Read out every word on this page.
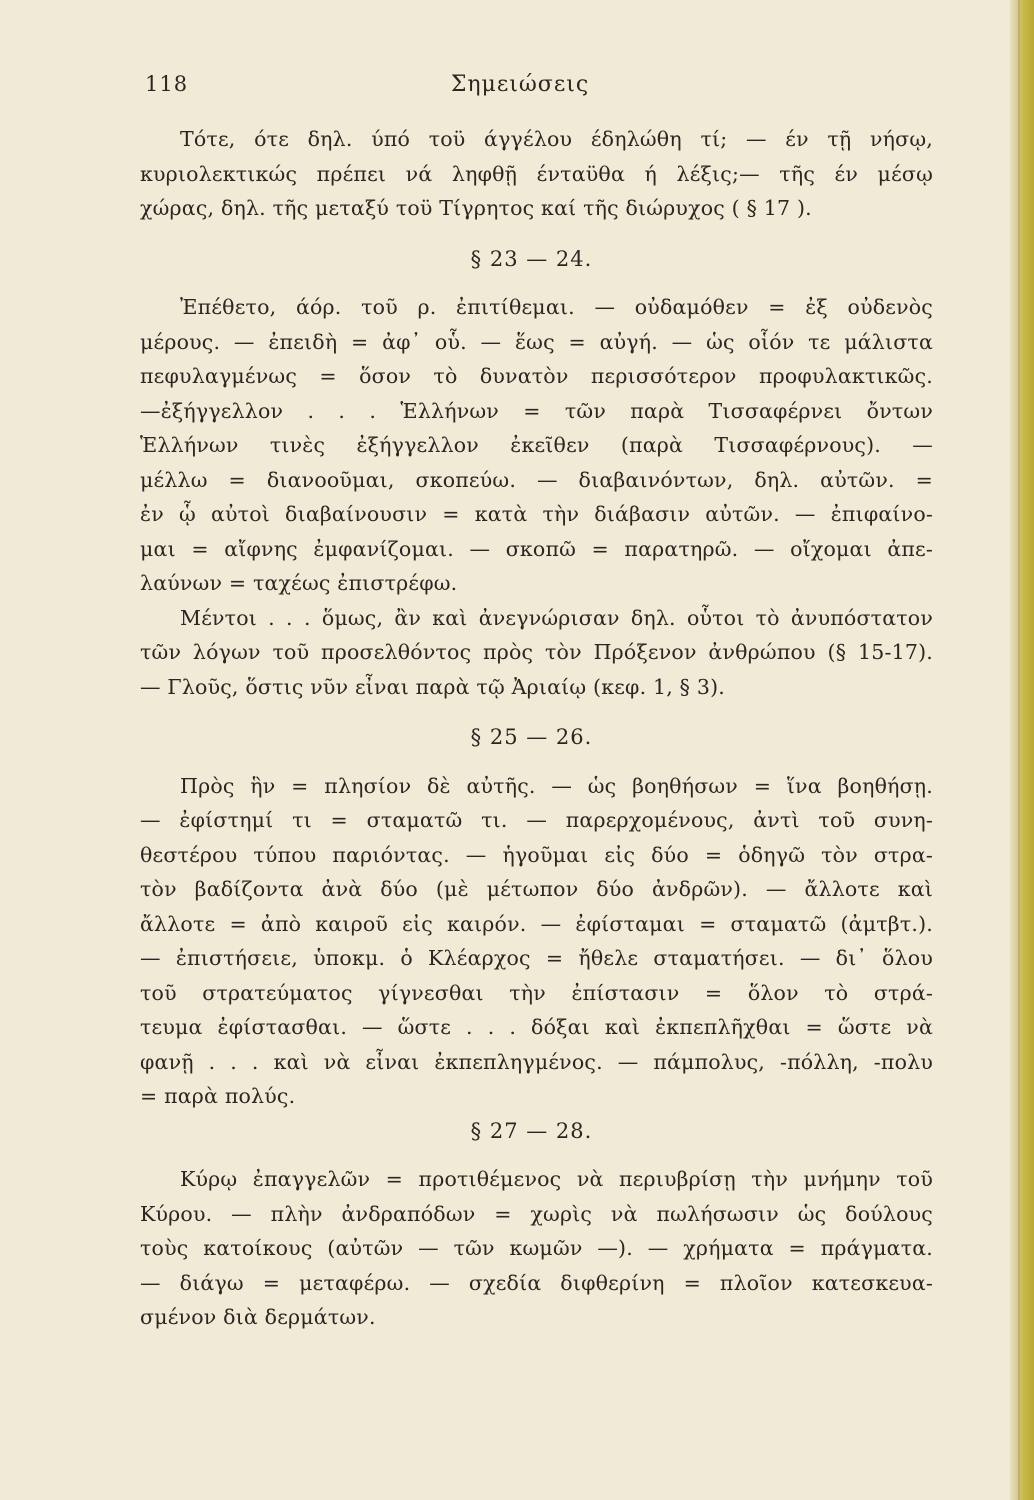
118	Σημειώσεις
Τότε, ότε δηλ. ύπό τοϋ άγγέλου έδηλώθη τί; — έν τῇ νήσῳ,
κυριολεκτικώς πρέπει νά ληφθῇ ένταϋθα ή λέξις;— τῆς έν μέσῳ
χώρας, δηλ. τῆς μεταξύ τοϋ Τίγρητος καί τῆς διώρυχος ( § 17 ).
§ 23 — 24.
Ἐπέθετο, άόρ. τοῦ ρ. ἐπιτίθεμαι. — οὐδαμόθεν = ἐξ οὐδενὸς
μέρους. — ἐπειδὴ = ἀφ᾽ οὗ. — ἕως = αὐγή. — ὡς οἷόν τε μάλιστα
πεφυλαγμένως = ὅσον τὸ δυνατὸν περισσότερον προφυλακτικῶς.
—ἐξήγγελλον . . . Ἑλλήνων = τῶν παρὰ Τισσαφέρνει ὄντων
Ἑλλήνων τινὲς ἐξήγγελλον ἐκεῖθεν (παρὰ Τισσαφέρνους). —
μέλλω = διανοοῦμαι, σκοπεύω. — διαβαινόντων, δηλ. αὐτῶν. =
ἐν ᾧ αὐτοὶ διαβαίνουσιν = κατὰ τὴν διάβασιν αὐτῶν. — ἐπιφαίνο-
μαι = αἴφνης ἐμφανίζομαι. — σκοπῶ = παρατηρῶ. — οἴχομαι ἀπε-
λαύνων = ταχέως ἐπιστρέφω.
Μέντοι . . . ὅμως, ἂν καὶ ἀνεγνώρισαν δηλ. οὗτοι τὸ ἀνυπόστατον
τῶν λόγων τοῦ προσελθόντος πρὸς τὸν Πρόξενον ἀνθρώπου (§ 15-17).
— Γλοῦς, ὅστις νῦν εἶναι παρὰ τῷ Ἀριαίῳ (κεφ. 1, § 3).
§ 25 — 26.
Πρὸς ἣν = πλησίον δὲ αὐτῆς. — ὡς βοηθήσων = ἵνα βοηθήσῃ.
— ἐφίστημί τι = σταματῶ τι. — παρερχομένους, ἀντὶ τοῦ συνη-
θεστέρου τύπου παριόντας. — ἡγοῦμαι εἰς δύο = ὁδηγῶ τὸν στρα-
τὸν βαδίζοντα ἀνὰ δύο (μὲ μέτωπον δύο ἀνδρῶν). — ἄλλοτε καὶ
ἄλλοτε = ἀπὸ καιροῦ εἰς καιρόν. — ἐφίσταμαι = σταματῶ (ἀμτβτ.).
— ἐπιστήσειε, ὑποκμ. ὁ Κλέαρχος = ἤθελε σταματήσει. — δι᾽ ὅλου
τοῦ στρατεύματος γίγνεσθαι τὴν ἐπίστασιν = ὅλον τὸ στρά-
τευμα ἐφίστασθαι. — ὥστε . . . δόξαι καὶ ἐκπεπλῆχθαι = ὥστε νὰ
φανῇ . . . καὶ νὰ εἶναι ἐκπεπληγμένος. — πάμπολυς, -πόλλη, -πολυ
= παρὰ πολύς.
§ 27 — 28.
Κύρῳ ἐπαγγελῶν = προτιθέμενος νὰ περιυβρίσῃ τὴν μνήμην τοῦ
Κύρου. — πλὴν ἀνδραπόδων = χωρὶς νὰ πωλήσωσιν ὡς δούλους
τοὺς κατοίκους (αὐτῶν — τῶν κωμῶν —). — χρήματα = πράγματα.
— διάγω = μεταφέρω. — σχεδία διφθερίνη = πλοῖον κατεσκευα-
σμένον διὰ δερμάτων.
